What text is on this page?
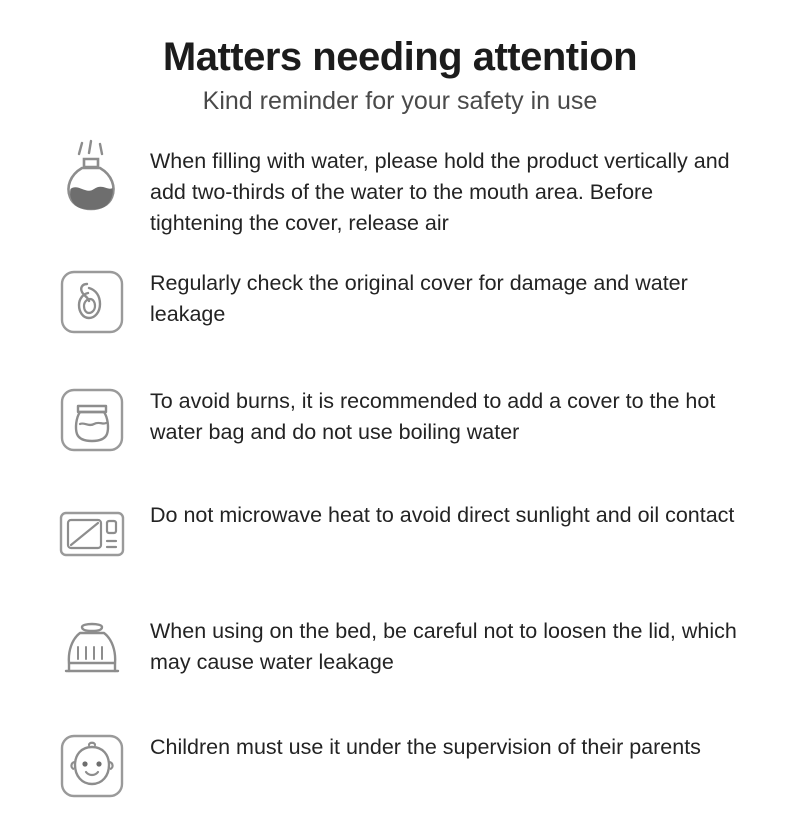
Matters needing attention
Kind reminder for your safety in use
When filling with water, please hold the product vertically and add two-thirds of the water to the mouth area. Before tightening the cover, release air
Regularly check the original cover for damage and water leakage
To avoid burns, it is recommended to add a cover to the hot water bag and do not use boiling water
Do not microwave heat to avoid direct sunlight and oil contact
When using on the bed, be careful not to loosen the lid, which may cause water leakage
Children must use it under the supervision of their parents
